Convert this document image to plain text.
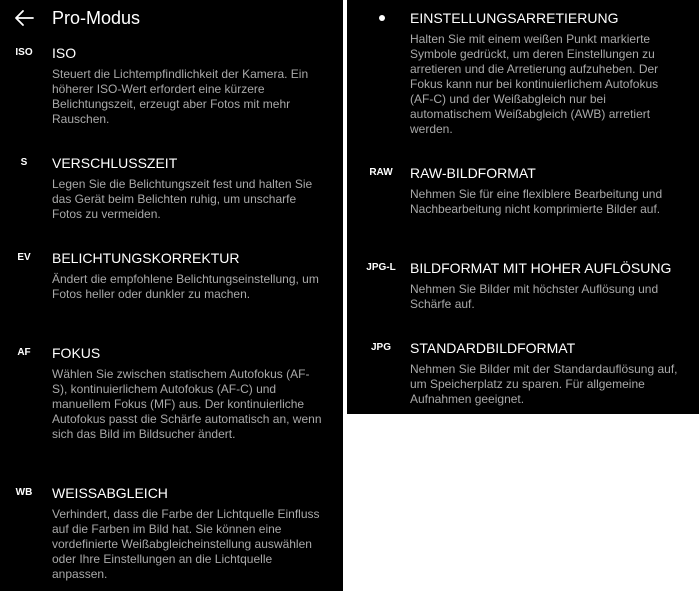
Pro-Modus
ISO	ISO
Steuert die Lichtempfindlichkeit der Kamera. Ein höherer ISO-Wert erfordert eine kürzere Belichtungszeit, erzeugt aber Fotos mit mehr Rauschen.
S	VERSCHLUSSZEIT
Legen Sie die Belichtungszeit fest und halten Sie das Gerät beim Belichten ruhig, um unscharfe Fotos zu vermeiden.
EV	BELICHTUNGSKORREKTUR
Ändert die empfohlene Belichtungseinstellung, um Fotos heller oder dunkler zu machen.
AF	FOKUS
Wählen Sie zwischen statischem Autofokus (AF-S), kontinuierlichem Autofokus (AF-C) und manuellem Fokus (MF) aus. Der kontinuierliche Autofokus passt die Schärfe automatisch an, wenn sich das Bild im Bildsucher ändert.
WB	WEISSABGLEICH
Verhindert, dass die Farbe der Lichtquelle Einfluss auf die Farben im Bild hat. Sie können eine vordefinierte Weißabgleicheinstellung auswählen oder Ihre Einstellungen an die Lichtquelle anpassen.
EINSTELLUNGSARRETIERUNG
Halten Sie mit einem weißen Punkt markierte Symbole gedrückt, um deren Einstellungen zu arretieren und die Arretierung aufzuheben. Der Fokus kann nur bei kontinuierlichem Autofokus (AF-C) und der Weißabgleich nur bei automatischem Weißabgleich (AWB) arretiert werden.
RAW	RAW-BILDFORMAT
Nehmen Sie für eine flexiblere Bearbeitung und Nachbearbeitung nicht komprimierte Bilder auf.
JPG-L	BILDFORMAT MIT HOHER AUFLÖSUNG
Nehmen Sie Bilder mit höchster Auflösung und Schärfe auf.
JPG	STANDARDBILDFORMAT
Nehmen Sie Bilder mit der Standardauflösung auf, um Speicherplatz zu sparen. Für allgemeine Aufnahmen geeignet.
